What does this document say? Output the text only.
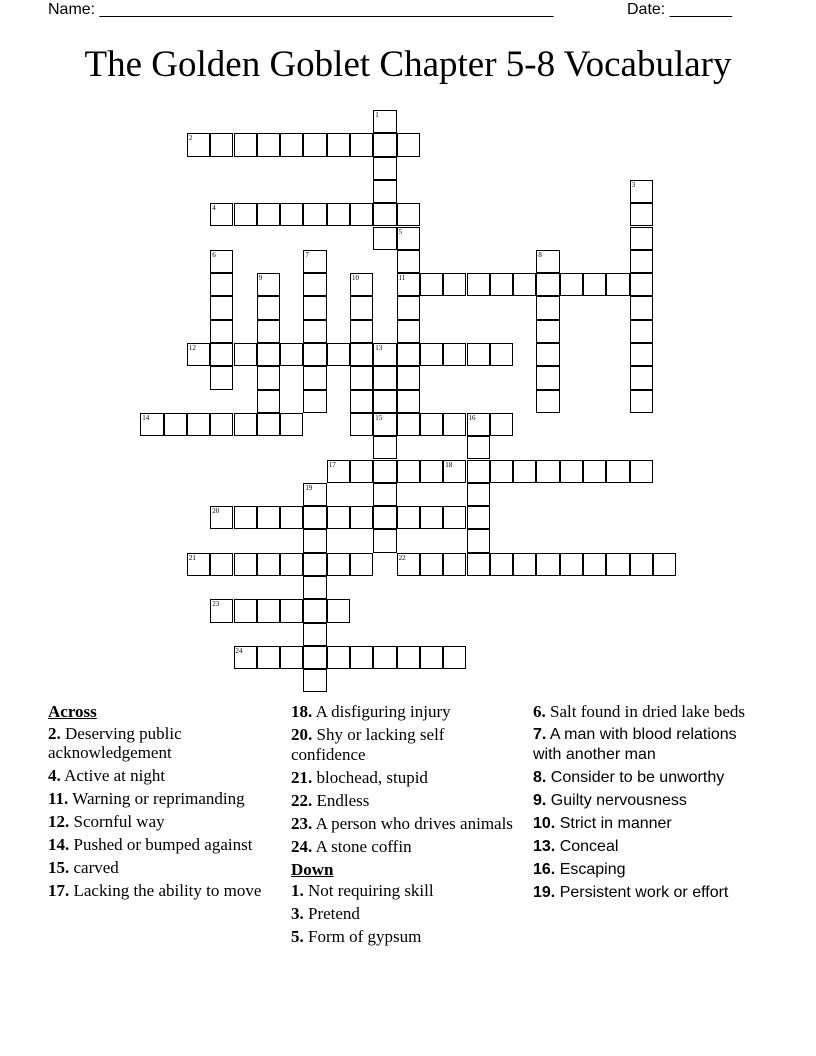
Name: ___________________________________________________	Date: _______
The Golden Goblet Chapter 5-8 Vocabulary
1
2
3
4
5
11
6	7	8
9	10
12	13
15
14	16
17	18
19
20
21	22
23
24
Across
2. Deserving public acknowledgement
4. Active at night
11. Warning or reprimanding
12. Scornful way
14. Pushed or bumped against
15. carved
17. Lacking the ability to move
18. A disfiguring injury
20. Shy or lacking self confidence
21. blochead, stupid
22. Endless
23. A person who drives animals
24. A stone coffin
Down
1. Not requiring skill
3. Pretend
5. Form of gypsum
6. Salt found in dried lake beds
7. A man with blood relations with another man
8. Consider to be unworthy
9. Guilty nervousness
10. Strict in manner
13. Conceal
16. Escaping
19. Persistent work or effort
